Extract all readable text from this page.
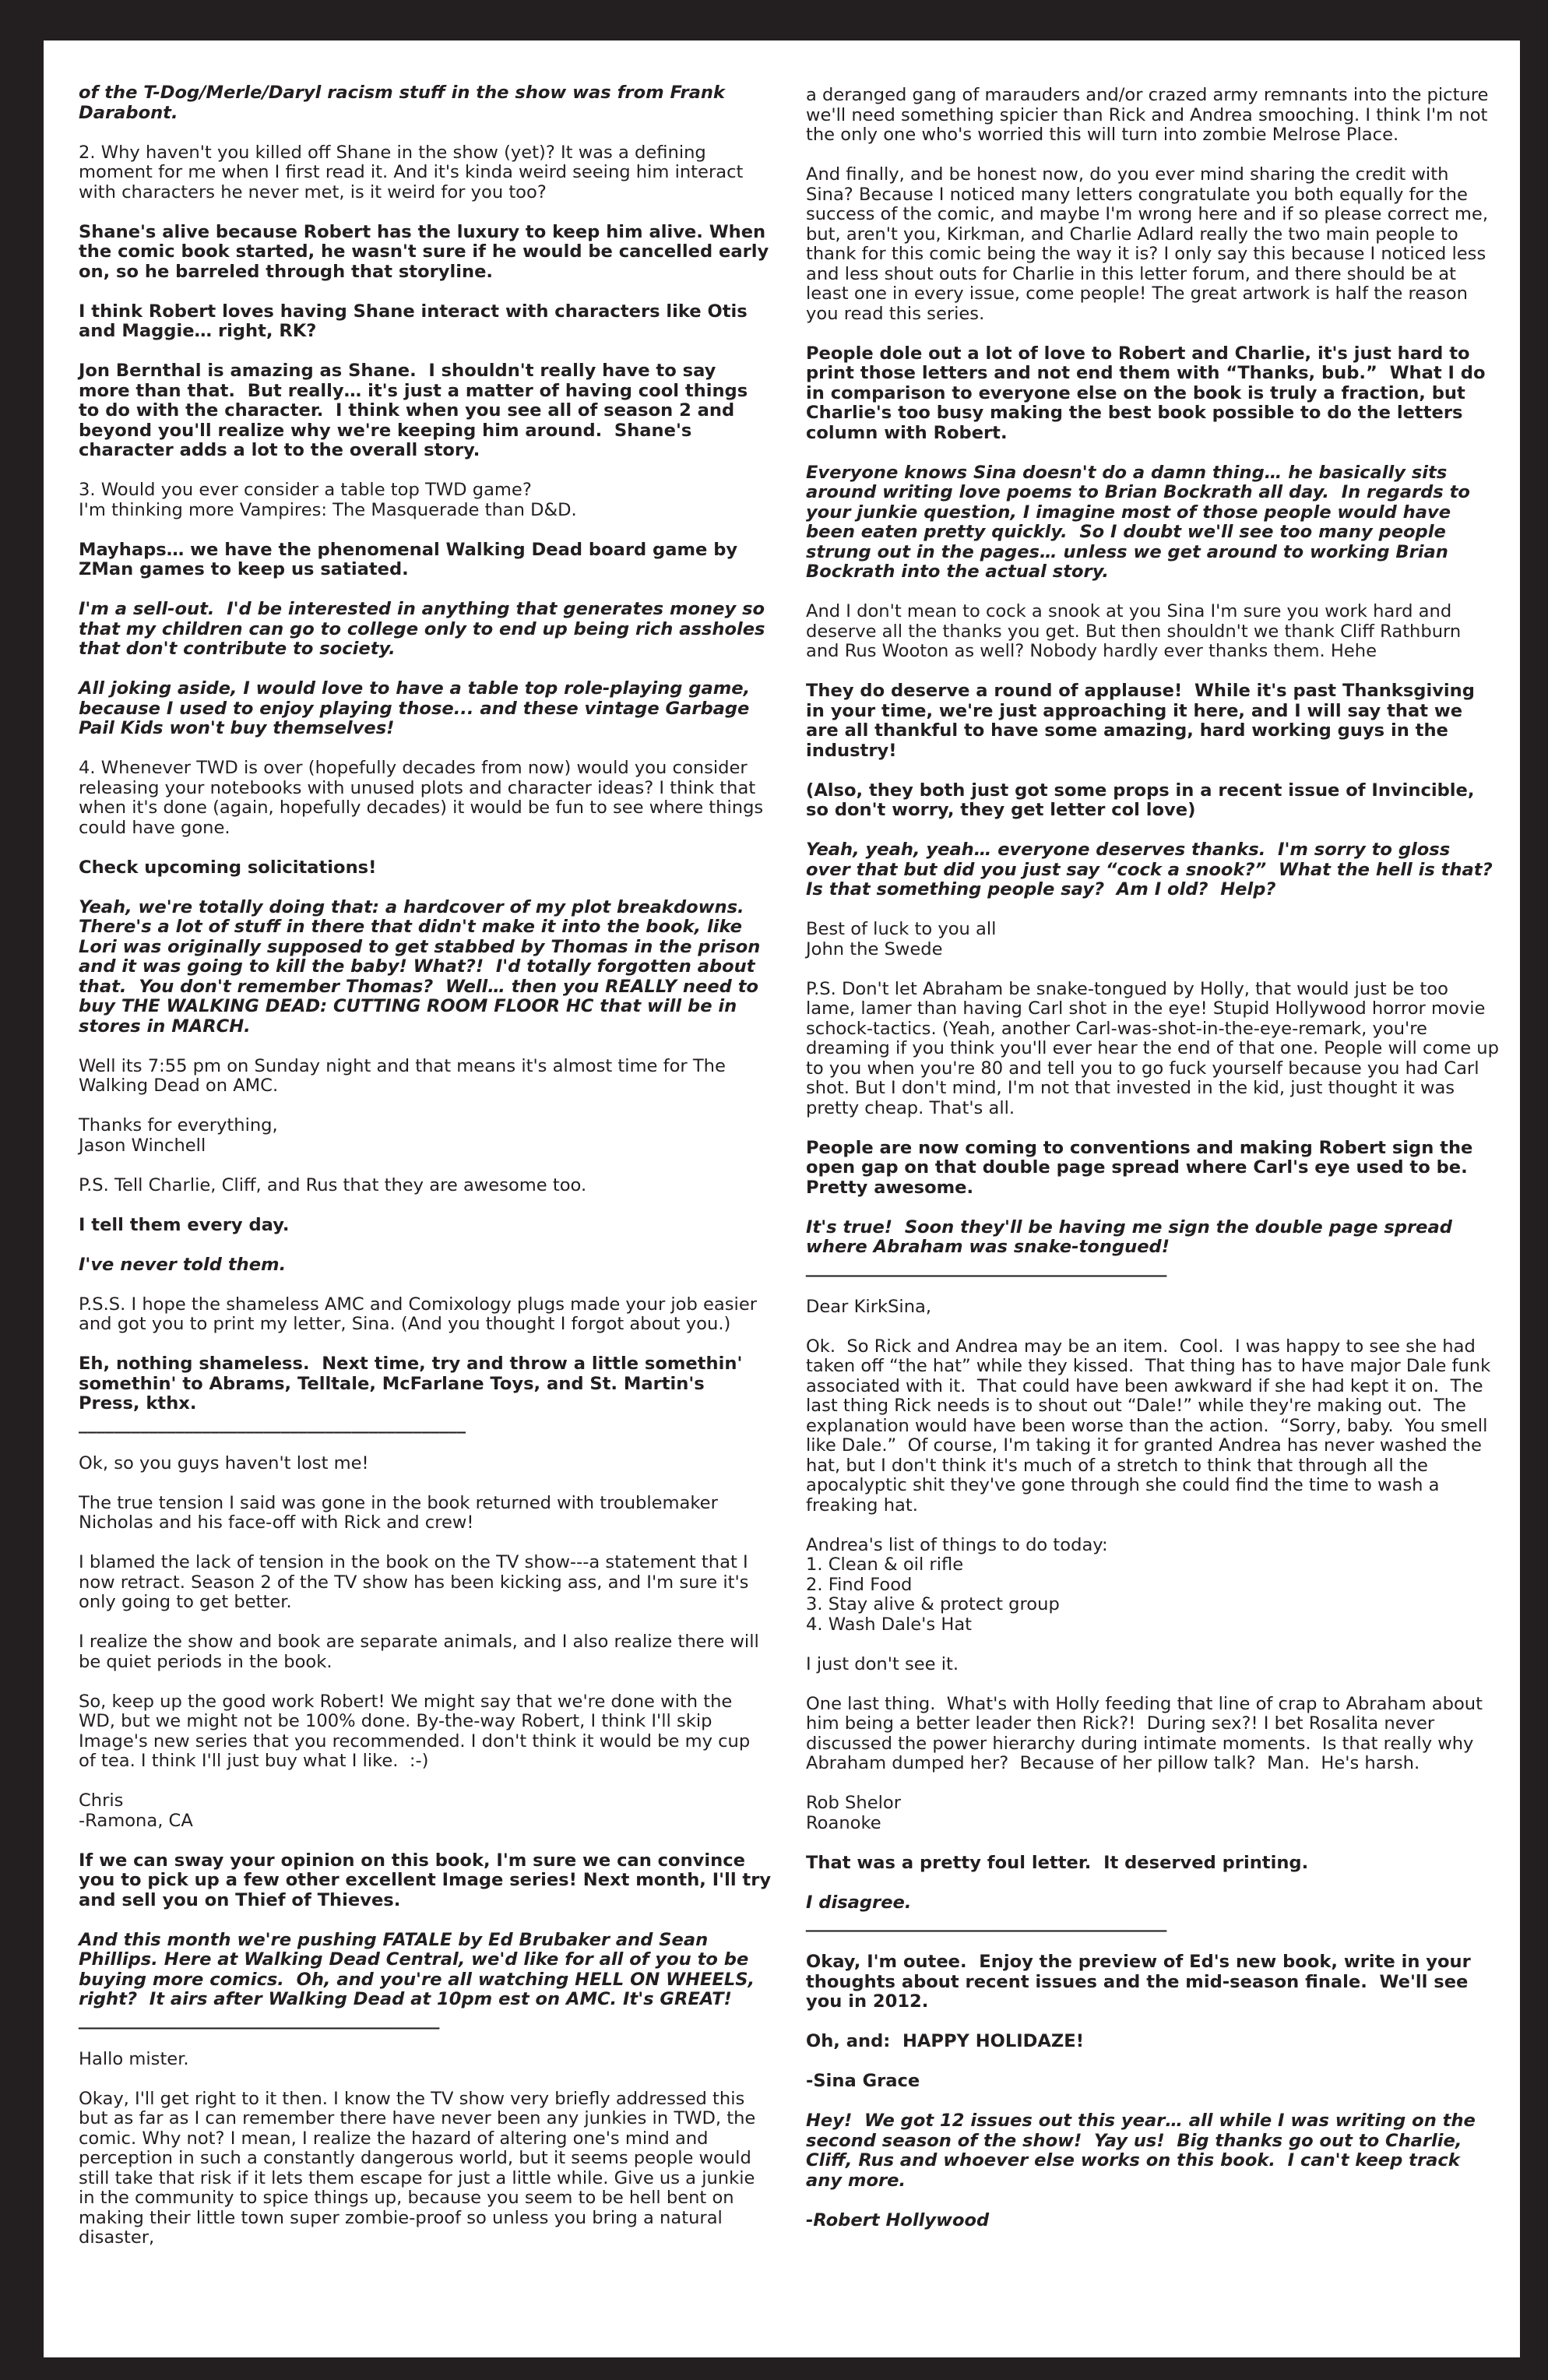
of the T-Dog/Merle/Daryl racism stuff in the show was from Frank Darabont.

2. Why haven't you killed off Shane in the show (yet)? It was a defining moment for me when I first read it. And it's kinda weird seeing him interact with characters he never met, is it weird for you too?

Shane's alive because Robert has the luxury to keep him alive. When the comic book started, he wasn't sure if he would be cancelled early on, so he barreled through that storyline.

I think Robert loves having Shane interact with characters like Otis and Maggie… right, RK?

Jon Bernthal is amazing as Shane.  I shouldn't really have to say more than that.  But really… it's just a matter of having cool things to do with the character.  I think when you see all of season 2 and beyond you'll realize why we're keeping him around.  Shane's character adds a lot to the overall story.

3. Would you ever consider a table top TWD game?
I'm thinking more Vampires: The Masquerade than D&D.

Mayhaps… we have the phenomenal Walking Dead board game by ZMan games to keep us satiated.

I'm a sell-out.  I'd be interested in anything that generates money so that my children can go to college only to end up being rich assholes that don't contribute to society.

All joking aside, I would love to have a table top role-playing game, because I used to enjoy playing those... and these vintage Garbage Pail Kids won't buy themselves!

4. Whenever TWD is over (hopefully decades from now) would you consider releasing your notebooks with unused plots and character ideas? I think that when it's done (again, hopefully decades) it would be fun to see where things could have gone.

Check upcoming solicitations!

Yeah, we're totally doing that: a hardcover of my plot breakdowns.  There's a lot of stuff in there that didn't make it into the book, like Lori was originally supposed to get stabbed by Thomas in the prison and it was going to kill the baby! What?!  I'd totally forgotten about that.  You don't remember Thomas?  Well… then you REALLY need to buy THE WALKING DEAD: CUTTING ROOM FLOOR HC that will be in stores in MARCH.

Well its 7:55 pm on Sunday night and that means it's almost time for The Walking Dead on AMC.

Thanks for everything,
Jason Winchell

P.S. Tell Charlie, Cliff, and Rus that they are awesome too.

I tell them every day.

I've never told them.

P.S.S. I hope the shameless AMC and Comixology plugs made your job easier and got you to print my letter, Sina. (And you thought I forgot about you.)

Eh, nothing shameless.  Next time, try and throw a little somethin' somethin' to Abrams, Telltale, McFarlane Toys, and St. Martin's Press, kthx.
____________________________________________

Ok, so you guys haven't lost me!

The true tension I said was gone in the book returned with troublemaker Nicholas and his face-off with Rick and crew!

I blamed the lack of tension in the book on the TV show---a statement that I now retract. Season 2 of the TV show has been kicking ass, and I'm sure it's only going to get better.

I realize the show and book are separate animals, and I also realize there will be quiet periods in the book.

So, keep up the good work Robert! We might say that we're done with the WD, but we might not be 100% done. By-the-way Robert, I think I'll skip Image's new series that you recommended. I don't think it would be my cup of tea. I think I'll just buy what I like.  :-)

Chris
-Ramona, CA

If we can sway your opinion on this book, I'm sure we can convince you to pick up a few other excellent Image series! Next month, I'll try and sell you on Thief of Thieves.

And this month we're pushing FATALE by Ed Brubaker and Sean Phillips. Here at Walking Dead Central, we'd like for all of you to be buying more comics.  Oh, and you're all watching HELL ON WHEELS, right?  It airs after Walking Dead at 10pm est on AMC. It's GREAT!
_________________________________________

Hallo mister.

Okay, I'll get right to it then. I know the TV show very briefly addressed this but as far as I can remember there have never been any junkies in TWD, the comic. Why not? I mean, I realize the hazard of altering one's mind and perception in such a constantly dangerous world, but it seems people would still take that risk if it lets them escape for just a little while. Give us a junkie in the community to spice things up, because you seem to be hell bent on making their little town super zombie-proof so unless you bring a natural disaster,

a deranged gang of marauders and/or crazed army remnants into the picture we'll need something spicier than Rick and Andrea smooching. I think I'm not the only one who's worried this will turn into zombie Melrose Place.

And finally, and be honest now, do you ever mind sharing the credit with Sina? Because I noticed many letters congratulate you both equally for the success of the comic, and maybe I'm wrong here and if so please correct me, but, aren't you, Kirkman, and Charlie Adlard really the two main people to thank for this comic being the way it is? I only say this because I noticed less and less shout outs for Charlie in this letter forum, and there should be at least one in every issue, come people! The great artwork is half the reason you read this series.

People dole out a lot of love to Robert and Charlie, it's just hard to print those letters and not end them with “Thanks, bub.”  What I do in comparison to everyone else on the book is truly a fraction, but Charlie's too busy making the best book possible to do the letters column with Robert.

Everyone knows Sina doesn't do a damn thing… he basically sits around writing love poems to Brian Bockrath all day.  In regards to your junkie question, I imagine most of those people would have been eaten pretty quickly.  So I doubt we'll see too many people strung out in the pages… unless we get around to working Brian Bockrath into the actual story.

And I don't mean to cock a snook at you Sina I'm sure you work hard and deserve all the thanks you get. But then shouldn't we thank Cliff Rathburn and Rus Wooton as well? Nobody hardly ever thanks them. Hehe

They do deserve a round of applause!  While it's past Thanksgiving in your time, we're just approaching it here, and I will say that we are all thankful to have some amazing, hard working guys in the industry!

(Also, they both just got some props in a recent issue of Invincible, so don't worry, they get letter col love)

Yeah, yeah, yeah… everyone deserves thanks.  I'm sorry to gloss over that but did you just say “cock a snook?”  What the hell is that?  Is that something people say?  Am I old?  Help?

Best of luck to you all
John the Swede

P.S. Don't let Abraham be snake-tongued by Holly, that would just be too lame, lamer than having Carl shot in the eye! Stupid Hollywood horror movie schock-tactics. (Yeah, another Carl-was-shot-in-the-eye-remark, you're dreaming if you think you'll ever hear the end of that one. People will come up to you when you're 80 and tell you to go fuck yourself because you had Carl shot. But I don't mind, I'm not that invested in the kid, just thought it was pretty cheap. That's all.

People are now coming to conventions and making Robert sign the open gap on that double page spread where Carl's eye used to be.  Pretty awesome.

It's true!  Soon they'll be having me sign the double page spread where Abraham was snake-tongued!
_________________________________________

Dear KirkSina,

Ok.  So Rick and Andrea may be an item.  Cool.  I was happy to see she had taken off “the hat” while they kissed.  That thing has to have major Dale funk associated with it.  That could have been awkward if she had kept it on.  The last thing Rick needs is to shout out “Dale!” while they're making out.  The explanation would have been worse than the action.  “Sorry, baby.  You smell like Dale.”  Of course, I'm taking it for granted Andrea has never washed the hat, but I don't think it's much of a stretch to think that through all the apocalyptic shit they've gone through she could find the time to wash a freaking hat.

Andrea's list of things to do today:
1. Clean & oil rifle
2. Find Food
3. Stay alive & protect group
4. Wash Dale's Hat

I just don't see it.

One last thing.  What's with Holly feeding that line of crap to Abraham about him being a better leader then Rick?!  During sex?! I bet Rosalita never discussed the power hierarchy during intimate moments.  Is that really why Abraham dumped her?  Because of her pillow talk?  Man.  He's harsh.

Rob Shelor
Roanoke

That was a pretty foul letter.  It deserved printing.

I disagree.
_________________________________________

Okay, I'm outee.  Enjoy the preview of Ed's new book, write in your thoughts about recent issues and the mid-season finale.  We'll see you in 2012.

Oh, and:  HAPPY HOLIDAZE!

-Sina Grace

Hey!  We got 12 issues out this year… all while I was writing on the second season of the show!  Yay us!  Big thanks go out to Charlie, Cliff, Rus and whoever else works on this book.  I can't keep track any more.

-Robert Hollywood
